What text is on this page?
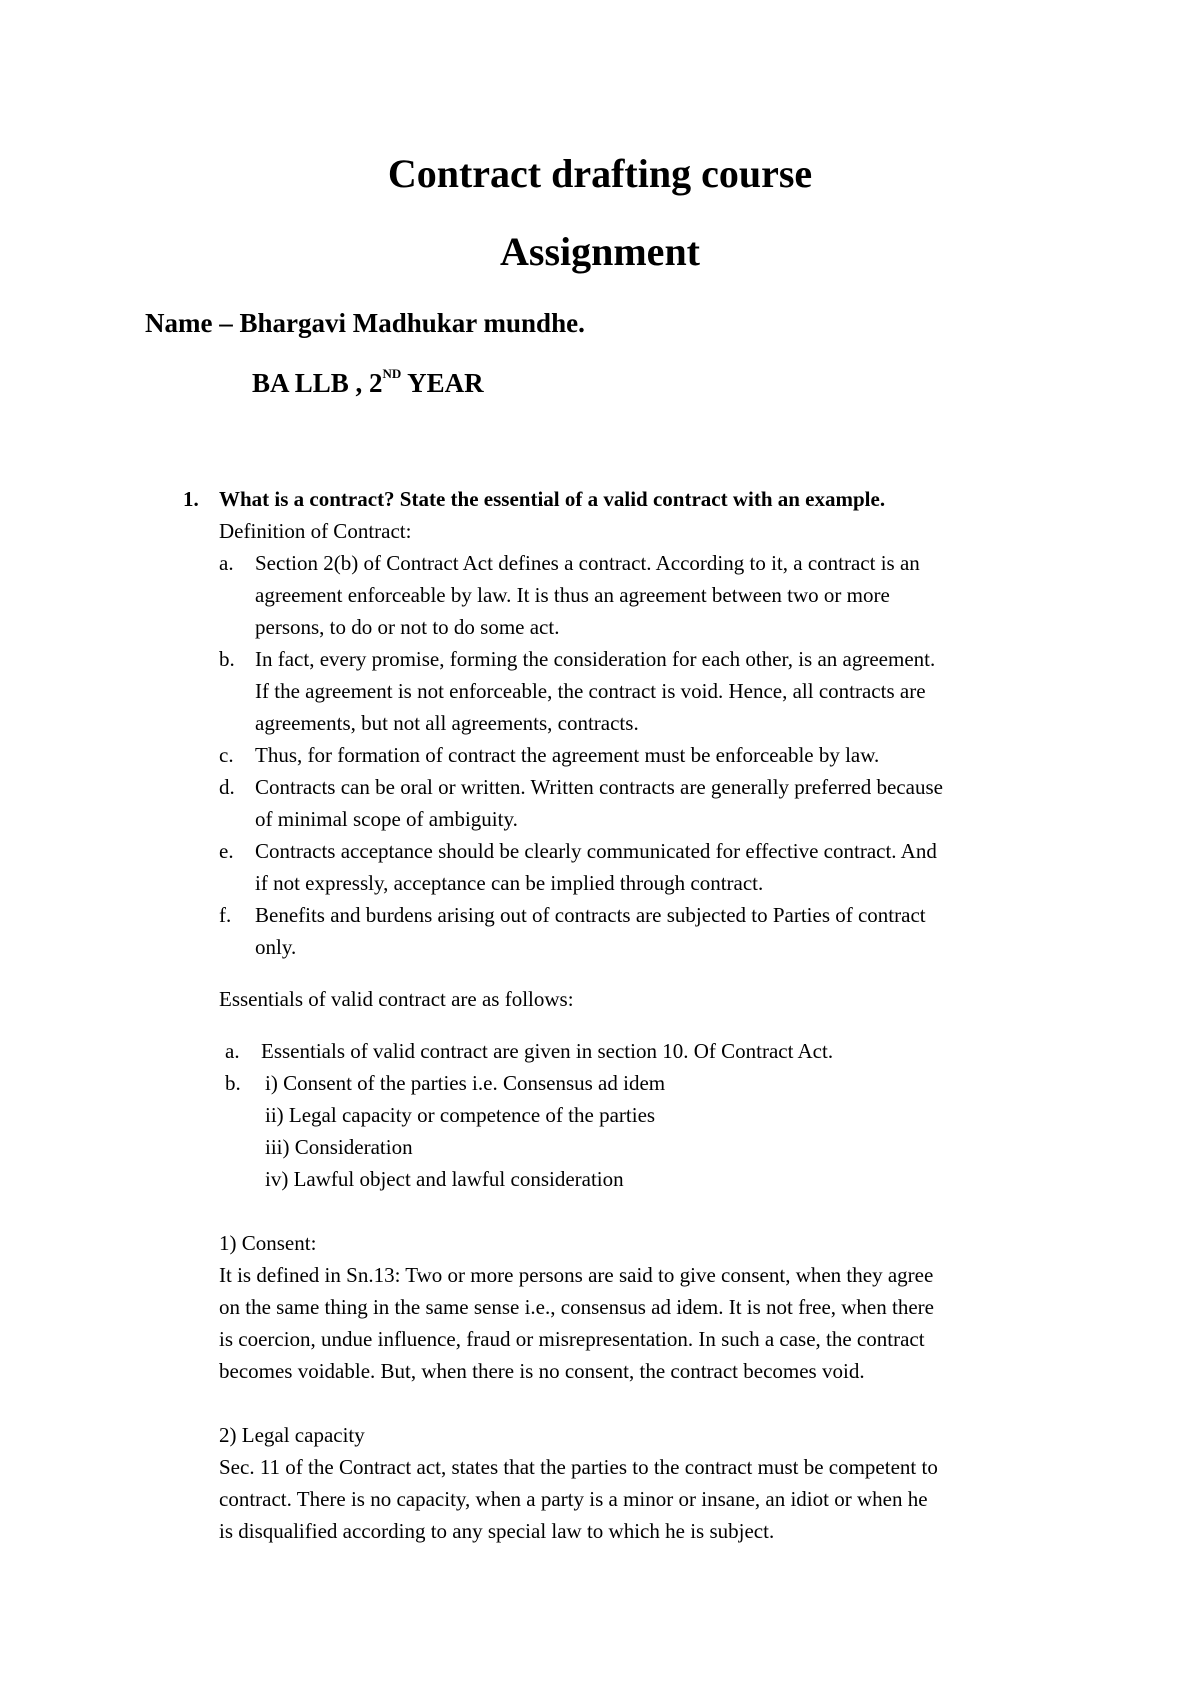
Contract drafting course
Assignment
Name – Bhargavi Madhukar mundhe.
BA LLB , 2ND YEAR
1. What is a contract? State the essential of a valid contract with an example.
Definition of Contract:
a. Section 2(b) of Contract Act defines a contract. According to it, a contract is an
agreement enforceable by law. It is thus an agreement between two or more
persons, to do or not to do some act.
b. In fact, every promise, forming the consideration for each other, is an agreement.
If the agreement is not enforceable, the contract is void. Hence, all contracts are
agreements, but not all agreements, contracts.
c. Thus, for formation of contract the agreement must be enforceable by law.
d. Contracts can be oral or written. Written contracts are generally preferred because
of minimal scope of ambiguity.
e. Contracts acceptance should be clearly communicated for effective contract. And
if not expressly, acceptance can be implied through contract.
f. Benefits and burdens arising out of contracts are subjected to Parties of contract
only.
Essentials of valid contract are as follows:
a. Essentials of valid contract are given in section 10. Of Contract Act.
b. i) Consent of the parties i.e. Consensus ad idem
ii) Legal capacity or competence of the parties
iii) Consideration
iv) Lawful object and lawful consideration
1) Consent:
It is defined in Sn.13: Two or more persons are said to give consent, when they agree
on the same thing in the same sense i.e., consensus ad idem. It is not free, when there
is coercion, undue influence, fraud or misrepresentation. In such a case, the contract
becomes voidable. But, when there is no consent, the contract becomes void.
2) Legal capacity
Sec. 11 of the Contract act, states that the parties to the contract must be competent to
contract. There is no capacity, when a party is a minor or insane, an idiot or when he
is disqualified according to any special law to which he is subject.
